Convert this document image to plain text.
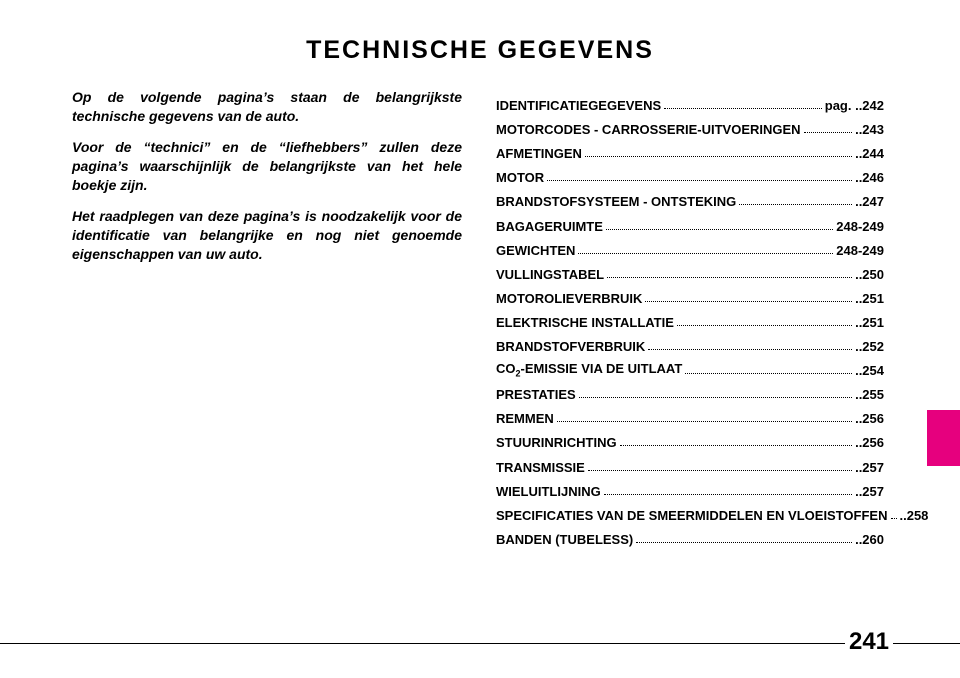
TECHNISCHE GEGEVENS

Op de volgende pagina’s staan de belangrijkste technische gegevens van de auto.

Voor de “technici” en de “liefhebbers” zullen deze pagina’s waarschijnlijk de belangrijkste van het hele boekje zijn.

Het raadplegen van deze pagina’s is noodzakelijk voor de identificatie van belangrijke en nog niet genoemde eigenschappen van uw auto.

IDENTIFICATIEGEGEVENS	pag. ..242
MOTORCODES - CARROSSERIE-UITVOERINGEN	..243
AFMETINGEN	..244
MOTOR	..246
BRANDSTOFSYSTEEM - ONTSTEKING	..247
BAGAGERUIMTE	248-249
GEWICHTEN	248-249
VULLINGSTABEL	..250
MOTOROLIEVERBRUIK	..251
ELEKTRISCHE INSTALLATIE	..251
BRANDSTOFVERBRUIK	..252
$CO_2$-EMISSIE VIA DE UITLAAT	..254
PRESTATIES	..255
REMMEN	..256
STUURINRICHTING	..256
TRANSMISSIE	..257
WIELUITLIJNING	..257
SPECIFICATIES VAN DE SMEERMIDDELEN EN VLOEISTOFFEN ..258
BANDEN (TUBELESS)	..260
241
